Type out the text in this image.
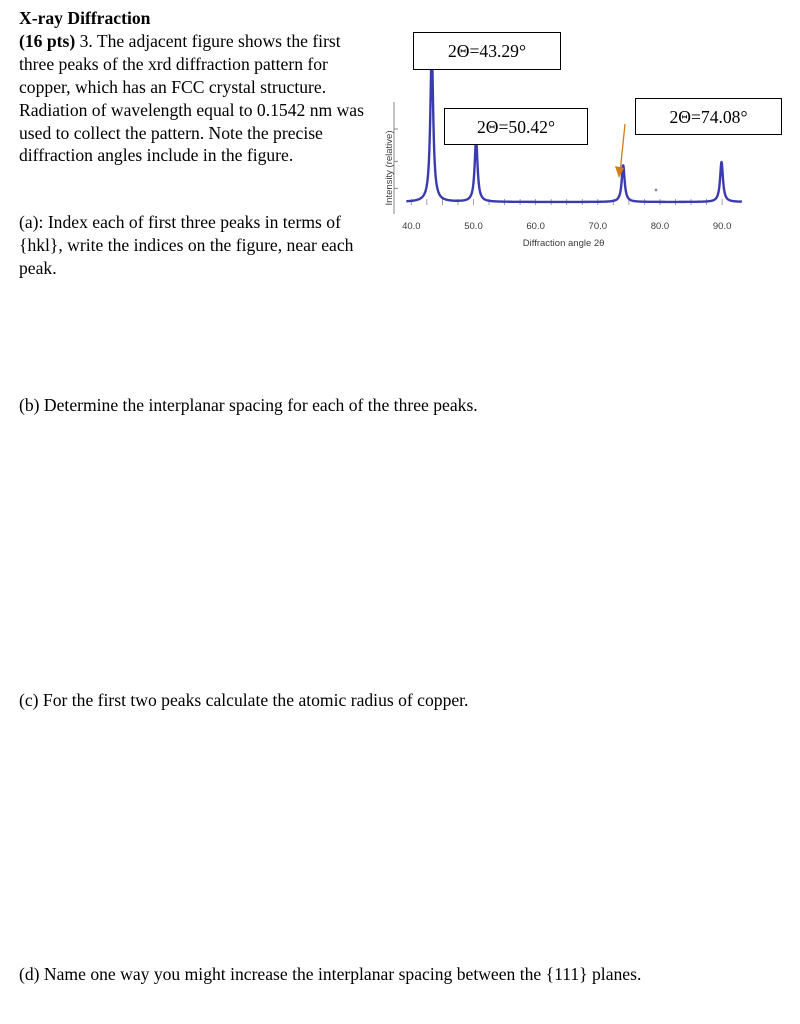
X-ray Diffraction
(16 pts) 3. The adjacent figure shows the first three peaks of the xrd diffraction pattern for copper, which has an FCC crystal structure. Radiation of wavelength equal to 0.1542 nm was used to collect the pattern. Note the precise diffraction angles include in the figure.
(a): Index each of first three peaks in terms of {hkl}, write the indices on the figure, near each peak.
Intensity (relative)
40.0	50.0	60.0	70.0	80.0	90.0
Diffraction angle 2θ
2Θ=43.29°
2Θ=50.42°	2Θ=74.08°
(b) Determine the interplanar spacing for each of the three peaks.
(c) For the first two peaks calculate the atomic radius of copper.
(d) Name one way you might increase the interplanar spacing between the {111} planes.
